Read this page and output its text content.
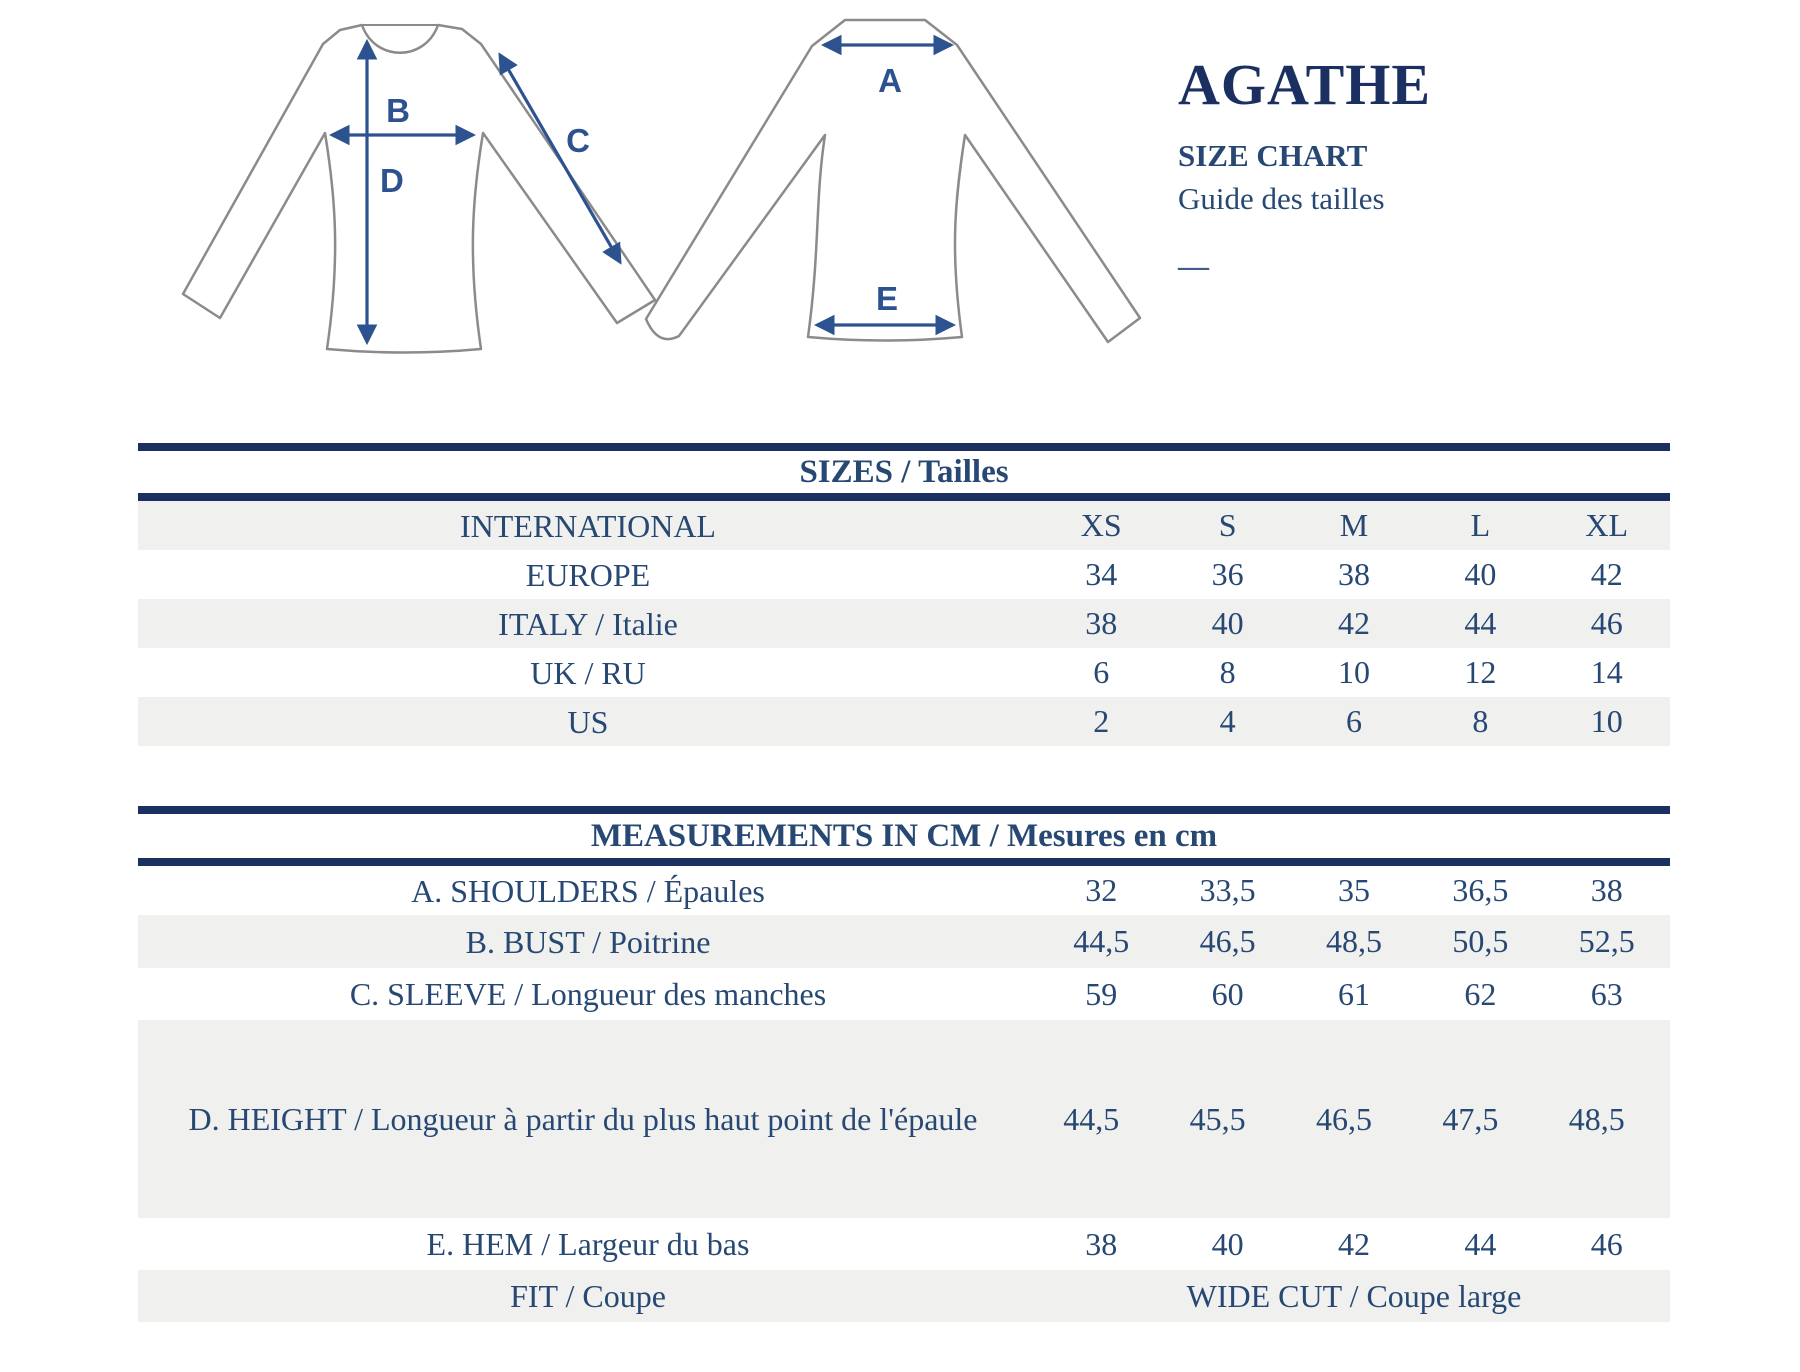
A
E
B
D
C
AGATHE
SIZE CHART
Guide des tailles
—
SIZES / Tailles
INTERNATIONAL	XS	S	M	L	XL
EUROPE	34	36	38	40	42
ITALY / Italie	38	40	42	44	46
UK / RU	6	8	10	12	14
US	2	4	6	8	10
MEASUREMENTS IN CM / Mesures en cm
A. SHOULDERS / Épaules	32	33,5	35	36,5	38
B. BUST / Poitrine	44,5	46,5	48,5	50,5	52,5
C. SLEEVE / Longueur des manches	59	60	61	62	63
D. HEIGHT / Longueur à partir du plus haut point de l'épaule	44,5	45,5	46,5	47,5	48,5
E. HEM / Largeur du bas	38	40	42	44	46
FIT / Coupe	WIDE CUT / Coupe large
